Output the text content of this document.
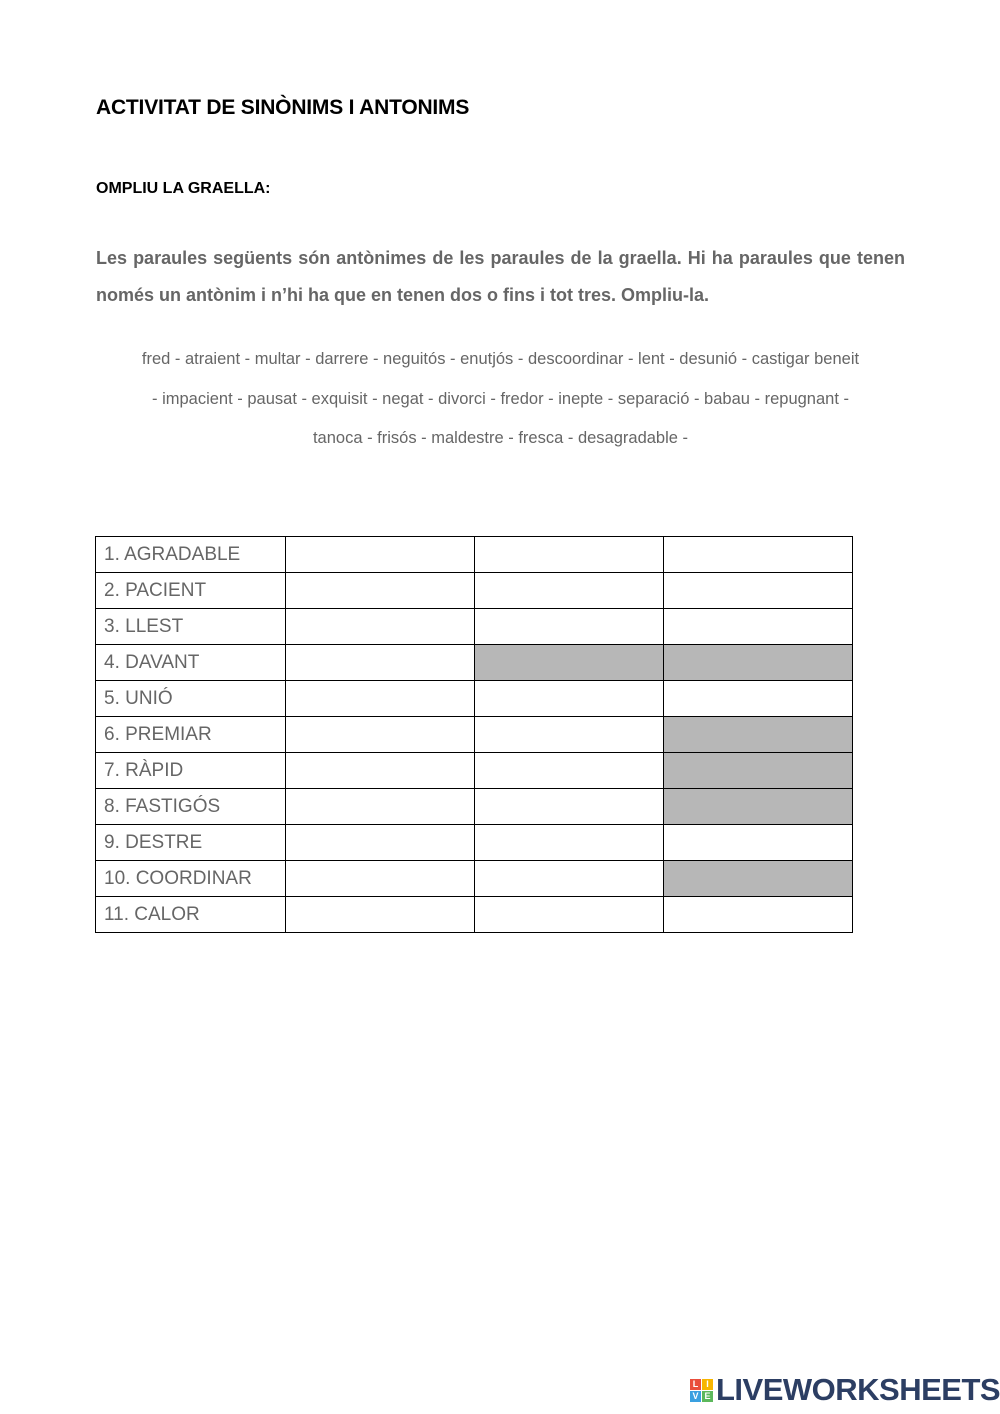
ACTIVITAT DE SINÒNIMS I ANTONIMS
OMPLIU LA GRAELLA:
Les paraules següents són antònimes de les paraules de la graella. Hi ha paraules que tenen només un antònim i n’hi ha que en tenen dos o fins i tot tres. Ompliu-la.
fred - atraient - multar - darrere - neguitós - enutjós - descoordinar - lent - desunió - castigar beneit
- impacient - pausat - exquisit - negat - divorci - fredor - inepte - separació - babau - repugnant -
tanoca - frisós - maldestre - fresca - desagradable -
1. AGRADABLE			
2. PACIENT			
3. LLEST			
4. DAVANT			
5. UNIÓ			
6. PREMIAR			
7. RÀPID			
8. FASTIGÓS			
9. DESTRE			
10. COORDINAR			
11. CALOR			
L I
V E LIVEWORKSHEETS
